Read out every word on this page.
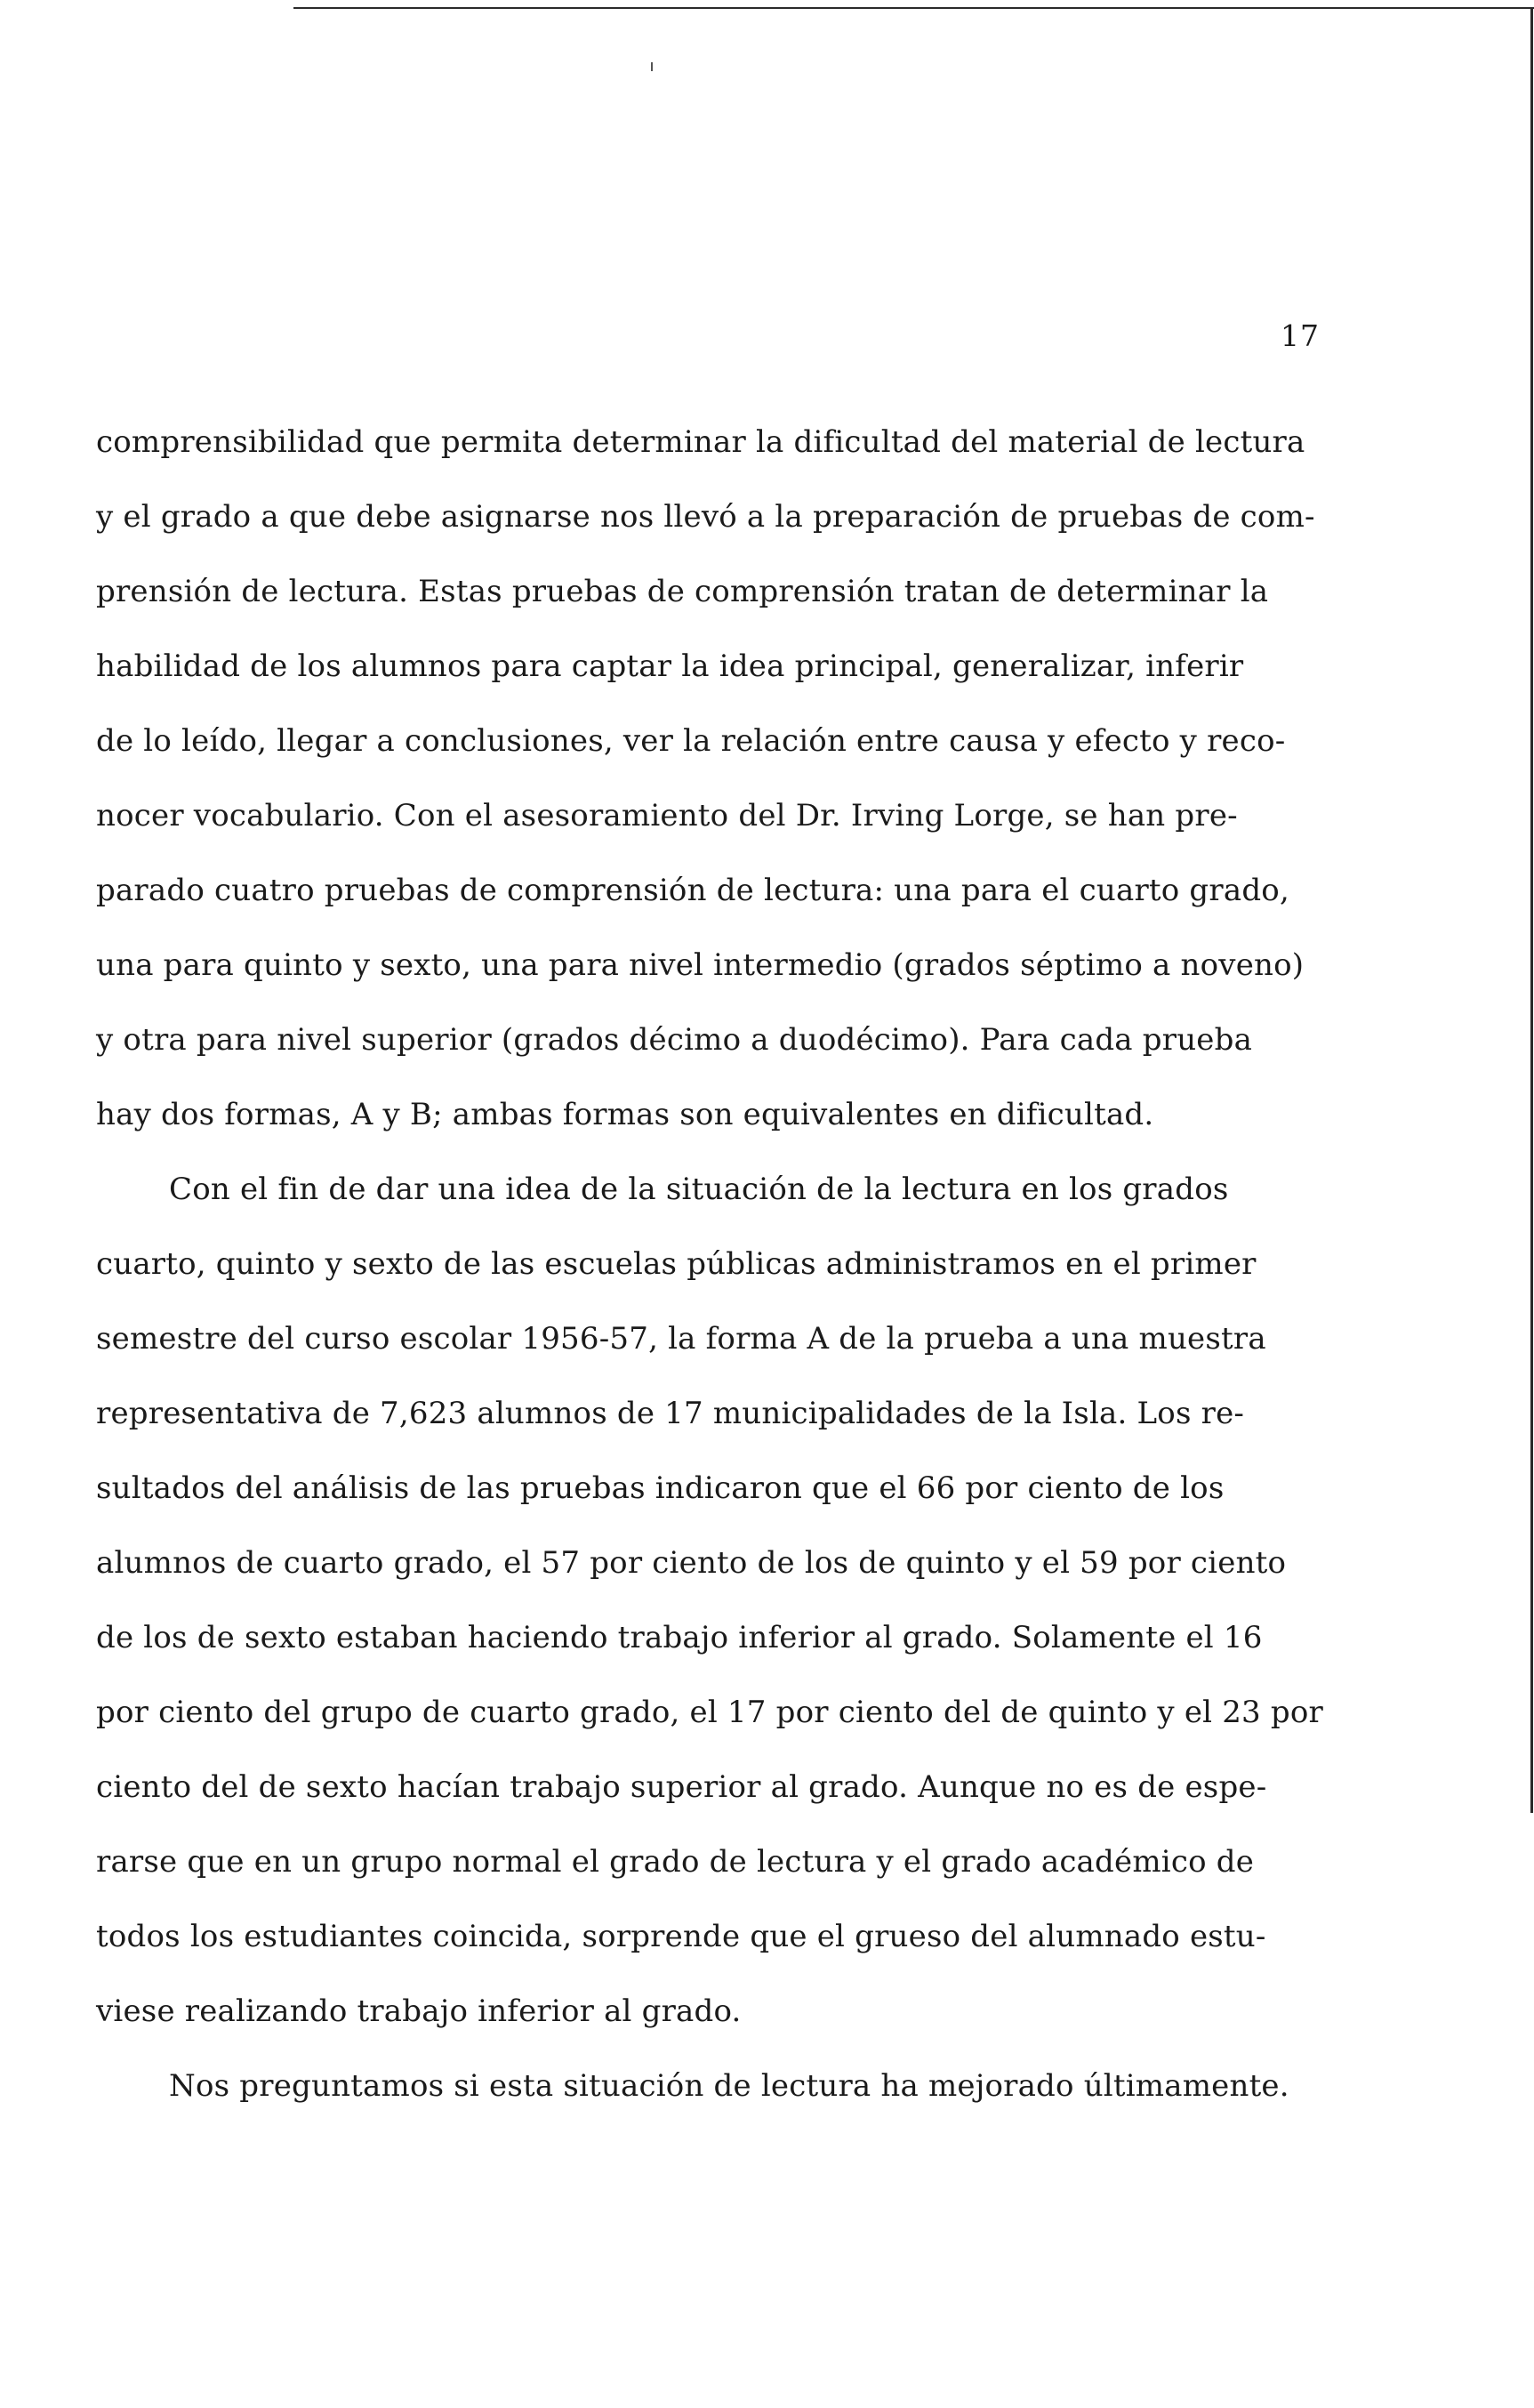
17
comprensibilidad que permita determinar la dificultad del material de lectura
y el grado a que debe asignarse nos llevó a la preparación de pruebas de com-
prensión de lectura. Estas pruebas de comprensión tratan de determinar la
habilidad de los alumnos para captar la idea principal, generalizar, inferir
de lo leído, llegar a conclusiones, ver la relación entre causa y efecto y reco-
nocer vocabulario. Con el asesoramiento del Dr. Irving Lorge, se han pre-
parado cuatro pruebas de comprensión de lectura: una para el cuarto grado,
una para quinto y sexto, una para nivel intermedio (grados séptimo a noveno)
y otra para nivel superior (grados décimo a duodécimo). Para cada prueba
hay dos formas, A y B; ambas formas son equivalentes en dificultad.
Con el fin de dar una idea de la situación de la lectura en los grados
cuarto, quinto y sexto de las escuelas públicas administramos en el primer
semestre del curso escolar 1956-57, la forma A de la prueba a una muestra
representativa de 7,623 alumnos de 17 municipalidades de la Isla. Los re-
sultados del análisis de las pruebas indicaron que el 66 por ciento de los
alumnos de cuarto grado, el 57 por ciento de los de quinto y el 59 por ciento
de los de sexto estaban haciendo trabajo inferior al grado. Solamente el 16
por ciento del grupo de cuarto grado, el 17 por ciento del de quinto y el 23 por
ciento del de sexto hacían trabajo superior al grado. Aunque no es de espe-
rarse que en un grupo normal el grado de lectura y el grado académico de
todos los estudiantes coincida, sorprende que el grueso del alumnado estu-
viese realizando trabajo inferior al grado.
Nos preguntamos si esta situación de lectura ha mejorado últimamente.
